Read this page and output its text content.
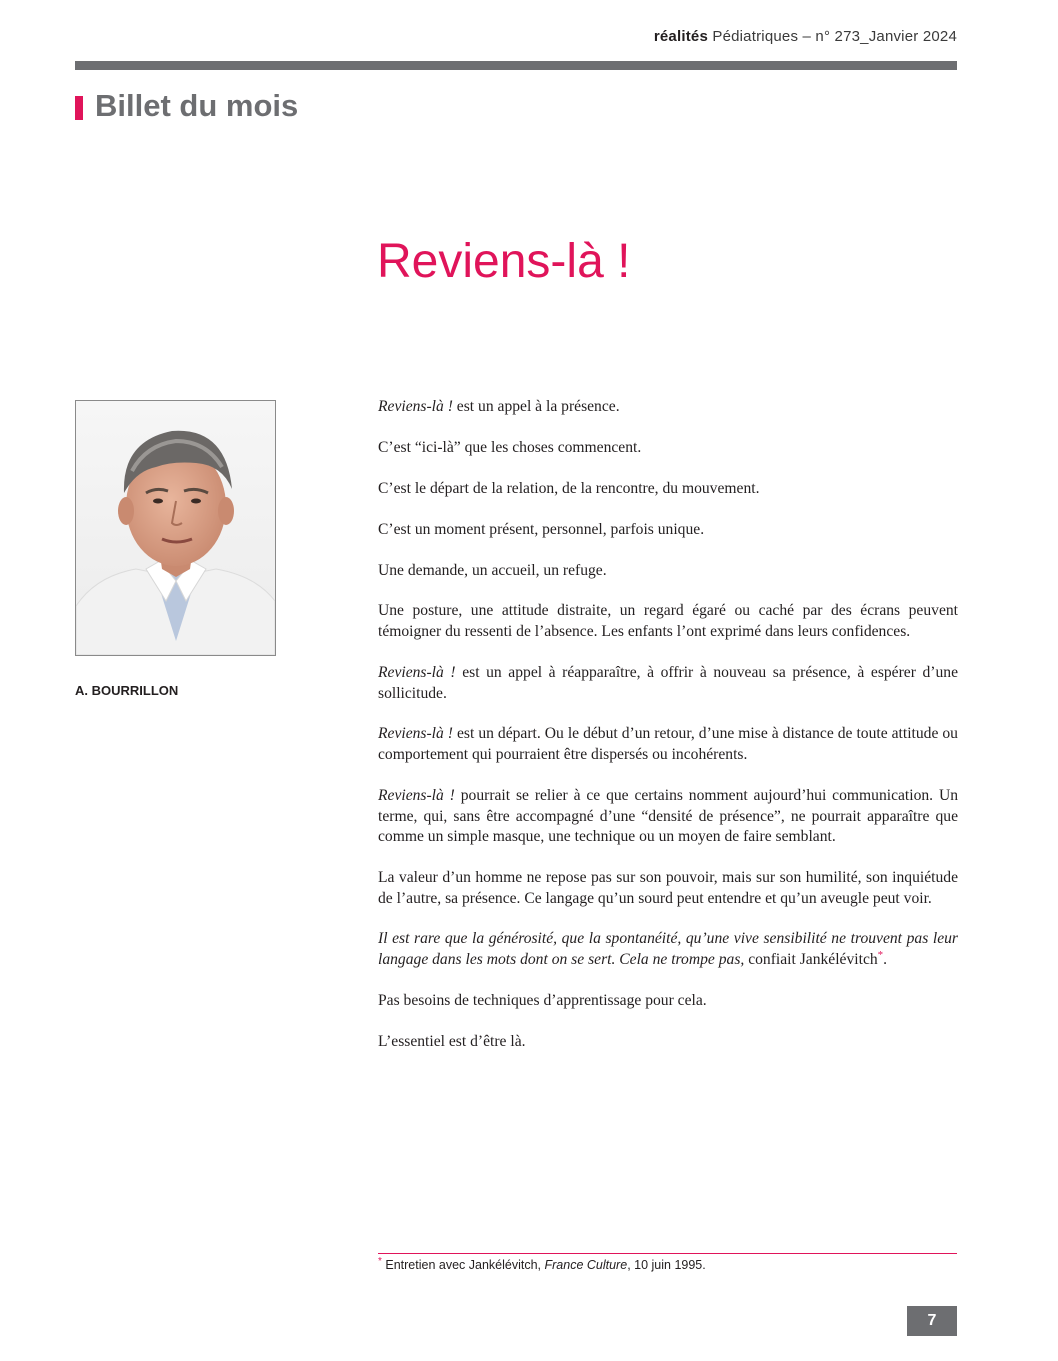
réalités Pédiatriques – n° 273_Janvier 2024
Billet du mois
Reviens-là !
A. BOURRILLON

Reviens-là ! est un appel à la présence.

C’est “ici-là” que les choses commencent.

C’est le départ de la relation, de la rencontre, du mouvement.

C’est un moment présent, personnel, parfois unique.

Une demande, un accueil, un refuge.

Une posture, une attitude distraite, un regard égaré ou caché par des écrans peuvent témoigner du ressenti de l’absence. Les enfants l’ont exprimé dans leurs confidences.

Reviens-là ! est un appel à réapparaître, à offrir à nouveau sa présence, à espérer d’une sollicitude.

Reviens-là ! est un départ. Ou le début d’un retour, d’une mise à distance de toute attitude ou comportement qui pourraient être dispersés ou incohérents.

Reviens-là ! pourrait se relier à ce que certains nomment aujourd’hui communication. Un terme, qui, sans être accompagné d’une “densité de présence”, ne pourrait apparaître que comme un simple masque, une technique ou un moyen de faire semblant.

La valeur d’un homme ne repose pas sur son pouvoir, mais sur son humilité, son inquiétude de l’autre, sa présence. Ce langage qu’un sourd peut entendre et qu’un aveugle peut voir.

Il est rare que la générosité, que la spontanéité, qu’une vive sensibilité ne trouvent pas leur langage dans les mots dont on se sert. Cela ne trompe pas, confiait Jankélévitch*.

Pas besoins de techniques d’apprentissage pour cela.

L’essentiel est d’être là.

* Entretien avec Jankélévitch, France Culture, 10 juin 1995.
7
